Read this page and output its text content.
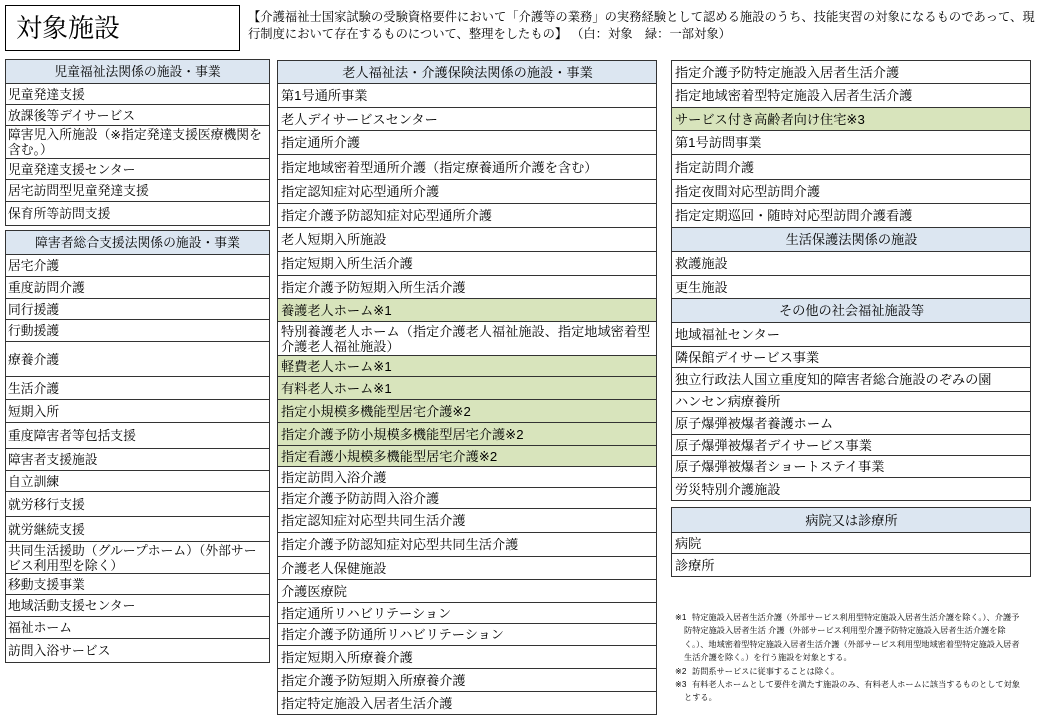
対象施設	【介護福祉士国家試験の受験資格要件において「介護等の業務」の実務経験として認める施設のうち、技能実習の対象になるものであって、現行制度において存在するものについて、整理をしたもの】 （白：対象　緑：一部対象）
児童福祉法関係の施設・事業
児童発達支援
放課後等デイサービス
障害児入所施設（※指定発達支援医療機関を含む。）
児童発達支援センター
居宅訪問型児童発達支援
保育所等訪問支援
障害者総合支援法関係の施設・事業
居宅介護
重度訪問介護
同行援護
行動援護
療養介護
生活介護
短期入所
重度障害者等包括支援
障害者支援施設
自立訓練
就労移行支援
就労継続支援
共同生活援助（グループホーム）（外部サービス利用型を除く）
移動支援事業
地域活動支援センター
福祉ホーム
訪問入浴サービス
老人福祉法・介護保険法関係の施設・事業
第1号通所事業
老人デイサービスセンター
指定通所介護
指定地域密着型通所介護（指定療養通所介護を含む）
指定認知症対応型通所介護
指定介護予防認知症対応型通所介護
老人短期入所施設
指定短期入所生活介護
指定介護予防短期入所生活介護
養護老人ホーム※1
特別養護老人ホーム（指定介護老人福祉施設、指定地域密着型介護老人福祉施設）
軽費老人ホーム※1
有料老人ホーム※1
指定小規模多機能型居宅介護※2
指定介護予防小規模多機能型居宅介護※2
指定看護小規模多機能型居宅介護※2
指定訪問入浴介護
指定介護予防訪問入浴介護
指定認知症対応型共同生活介護
指定介護予防認知症対応型共同生活介護
介護老人保健施設
介護医療院
指定通所リハビリテーション
指定介護予防通所リハビリテーション
指定短期入所療養介護
指定介護予防短期入所療養介護
指定特定施設入居者生活介護
指定介護予防特定施設入居者生活介護
指定地域密着型特定施設入居者生活介護
サービス付き高齢者向け住宅※3
第1号訪問事業
指定訪問介護
指定夜間対応型訪問介護
指定定期巡回・随時対応型訪問介護看護
生活保護法関係の施設
救護施設
更生施設
その他の社会福祉施設等
地域福祉センター
隣保館デイサービス事業
独立行政法人国立重度知的障害者総合施設のぞみの園
ハンセン病療養所
原子爆弾被爆者養護ホーム
原子爆弾被爆者デイサービス事業
原子爆弾被爆者ショートステイ事業
労災特別介護施設
病院又は診療所
病院
診療所
※1 特定施設入居者生活介護（外部サービス利用型特定施設入居者生活介護を除く。）、介護予防特定施設入居者生活 介護（外部サービス利用型介護予防特定施設入居者生活介護を除く。）、地域密着型特定施設入居者生活介護（外部サービス利用型地域密着型特定施設入居者生活介護を除く。）を行う施設を対象とする。
※2 訪問系サービスに従事することは除く。
※3 有料老人ホームとして要件を満たす施設のみ、有料老人ホームに該当するものとして対象とする。
